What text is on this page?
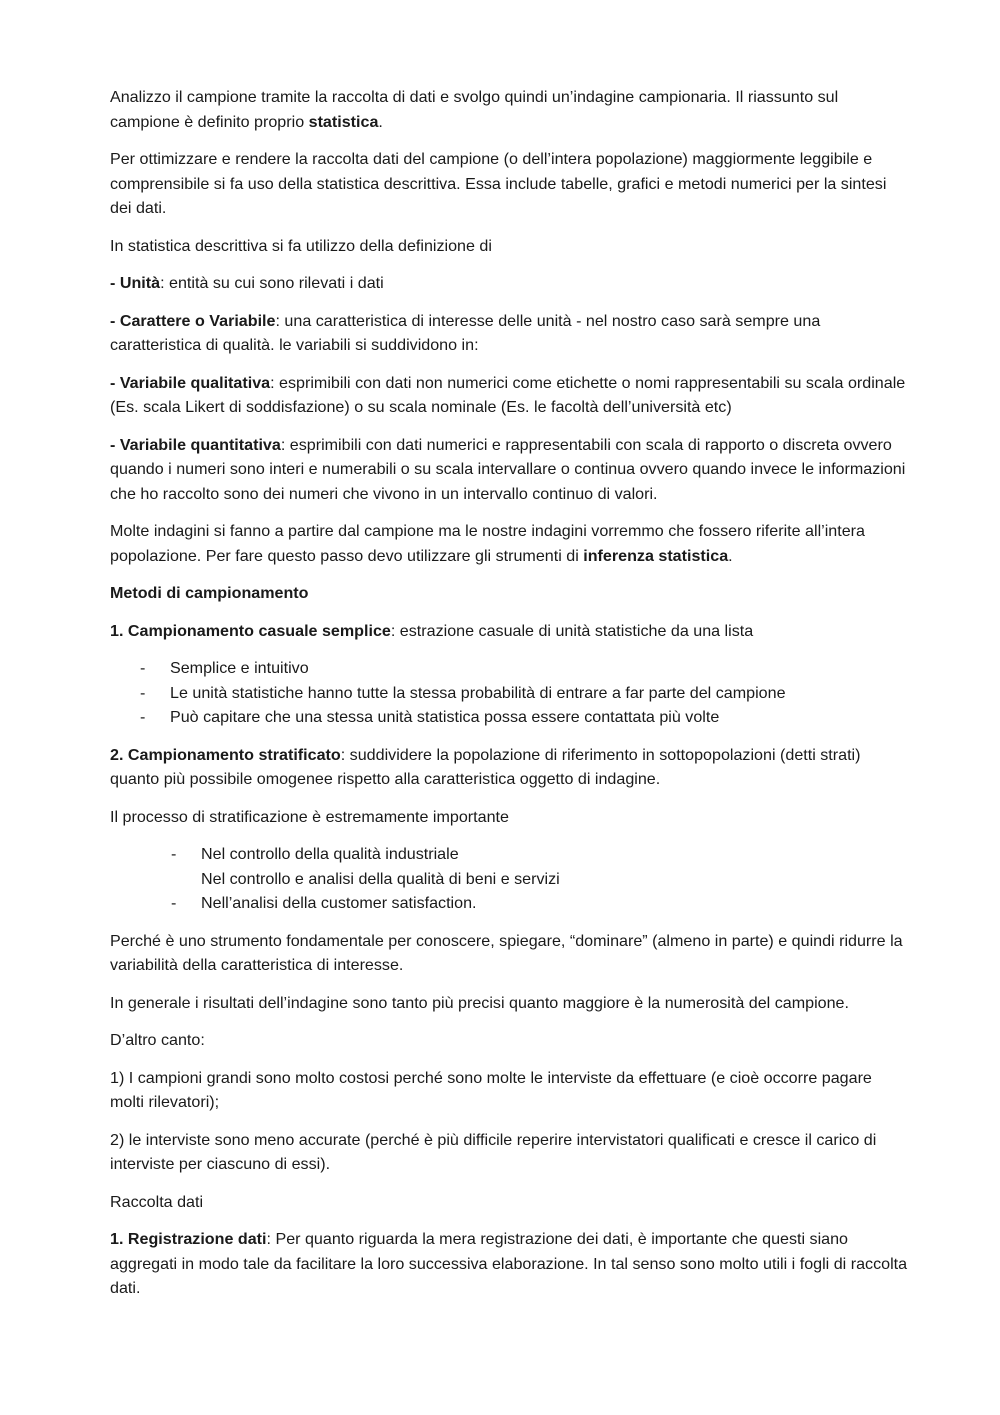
Analizzo il campione tramite la raccolta di dati e svolgo quindi un’indagine campionaria. Il riassunto sul campione è definito proprio statistica.

Per ottimizzare e rendere la raccolta dati del campione (o dell’intera popolazione) maggiormente leggibile e comprensibile si fa uso della statistica descrittiva. Essa include tabelle, grafici e metodi numerici per la sintesi dei dati.

In statistica descrittiva si fa utilizzo della definizione di

- Unità: entità su cui sono rilevati i dati

- Carattere o Variabile: una caratteristica di interesse delle unità - nel nostro caso sarà sempre una caratteristica di qualità. le variabili si suddividono in:

- Variabile qualitativa: esprimibili con dati non numerici come etichette o nomi rappresentabili su scala ordinale (Es. scala Likert di soddisfazione) o su scala nominale (Es. le facoltà dell’università etc)

- Variabile quantitativa: esprimibili con dati numerici e rappresentabili con scala di rapporto o discreta ovvero quando i numeri sono interi e numerabili o su scala intervallare o continua ovvero quando invece le informazioni che ho raccolto sono dei numeri che vivono in un intervallo continuo di valori.

Molte indagini si fanno a partire dal campione ma le nostre indagini vorremmo che fossero riferite all’intera popolazione. Per fare questo passo devo utilizzare gli strumenti di inferenza statistica.

Metodi di campionamento

1. Campionamento casuale semplice: estrazione casuale di unità statistiche da una lista

- Semplice e intuitivo
- Le unità statistiche hanno tutte la stessa probabilità di entrare a far parte del campione
- Può capitare che una stessa unità statistica possa essere contattata più volte

2. Campionamento stratificato: suddividere la popolazione di riferimento in sottopopolazioni (detti strati) quanto più possibile omogenee rispetto alla caratteristica oggetto di indagine.

Il processo di stratificazione è estremamente importante

- Nel controllo della qualità industriale
Nel controllo e analisi della qualità di beni e servizi
- Nell’analisi della customer satisfaction.

Perché è uno strumento fondamentale per conoscere, spiegare, “dominare” (almeno in parte) e quindi ridurre la variabilità della caratteristica di interesse.

In generale i risultati dell’indagine sono tanto più precisi quanto maggiore è la numerosità del campione.

D’altro canto:

1) I campioni grandi sono molto costosi perché sono molte le interviste da effettuare (e cioè occorre pagare molti rilevatori);

2) le interviste sono meno accurate (perché è più difficile reperire intervistatori qualificati e cresce il carico di interviste per ciascuno di essi).

Raccolta dati

1. Registrazione dati: Per quanto riguarda la mera registrazione dei dati, è importante che questi siano aggregati in modo tale da facilitare la loro successiva elaborazione. In tal senso sono molto utili i fogli di raccolta dati.
